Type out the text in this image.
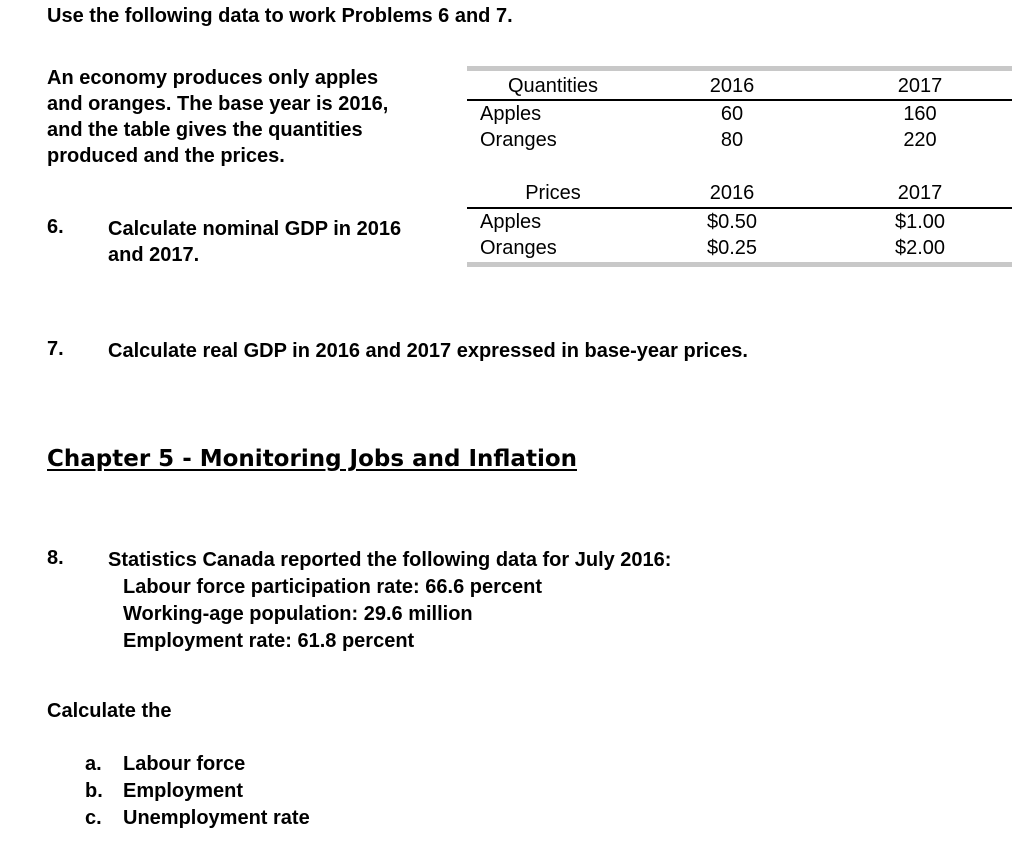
Use the following data to work Problems 6 and 7.
An economy produces only apples
and oranges. The base year is 2016,
and the table gives the quantities
produced and the prices.
Quantities	2016	2017
Apples	60	160
Oranges	80	220
Prices	2016	2017
Apples	$0.50	$1.00
Oranges	$0.25	$2.00
6. Calculate nominal GDP in 2016
and 2017.
7. Calculate real GDP in 2016 and 2017 expressed in base-year prices.
Chapter 5 - Monitoring Jobs and Inflation
8. Statistics Canada reported the following data for July 2016:
Labour force participation rate: 66.6 percent
Working-age population: 29.6 million
Employment rate: 61.8 percent
Calculate the
a. Labour force
b. Employment
c. Unemployment rate
